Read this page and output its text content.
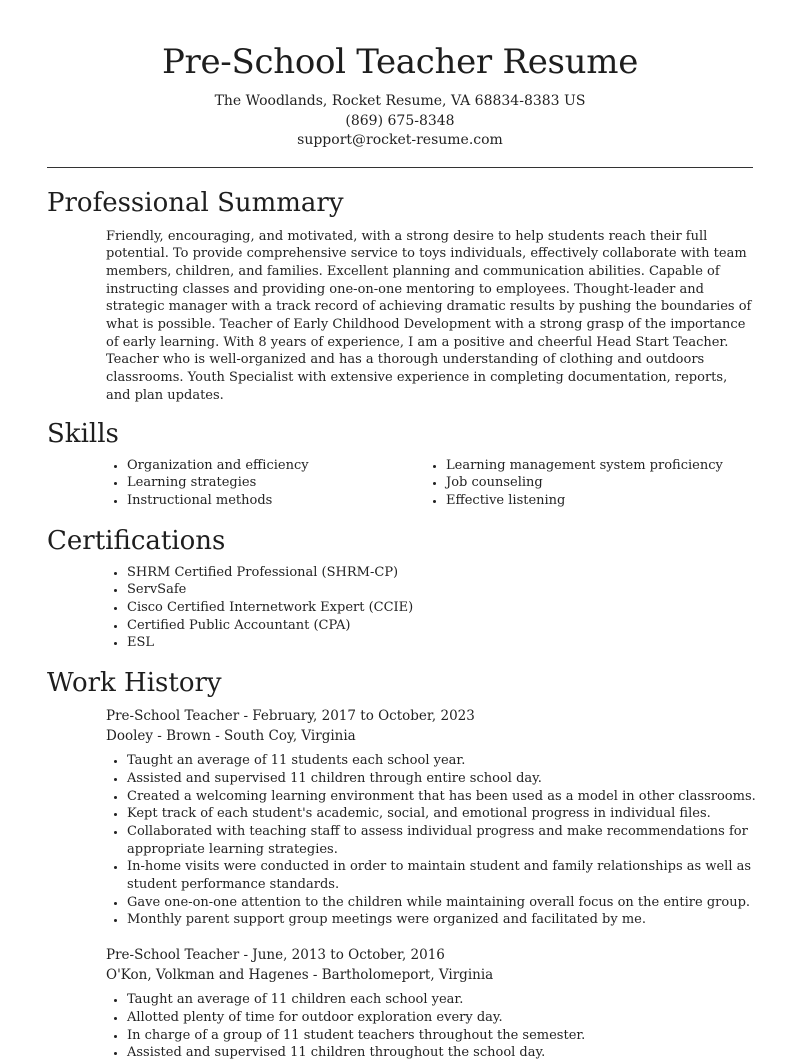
Pre-School Teacher Resume
The Woodlands, Rocket Resume, VA 68834-8383 US
(869) 675-8348
support@rocket-resume.com
Professional Summary

Friendly, encouraging, and motivated, with a strong desire to help students reach their full potential. To provide comprehensive service to toys individuals, effectively collaborate with team members, children, and families. Excellent planning and communication abilities. Capable of instructing classes and providing one-on-one mentoring to employees. Thought-leader and strategic manager with a track record of achieving dramatic results by pushing the boundaries of what is possible. Teacher of Early Childhood Development with a strong grasp of the importance of early learning. With 8 years of experience, I am a positive and cheerful Head Start Teacher. Teacher who is well-organized and has a thorough understanding of clothing and outdoors classrooms. Youth Specialist with extensive experience in completing documentation, reports, and plan updates.

Skills
• Organization and efficiency
• Learning strategies
• Instructional methods
• Learning management system proficiency
• Job counseling
• Effective listening
Certifications
• SHRM Certified Professional (SHRM-CP)
• ServSafe
• Cisco Certified Internetwork Expert (CCIE)
• Certified Public Accountant (CPA)
• ESL
Work History
Pre-School Teacher - February, 2017 to October, 2023
Dooley - Brown - South Coy, Virginia
• Taught an average of 11 students each school year.
• Assisted and supervised 11 children through entire school day.
• Created a welcoming learning environment that has been used as a model in other classrooms.
• Kept track of each student's academic, social, and emotional progress in individual files.
• Collaborated with teaching staff to assess individual progress and make recommendations for appropriate learning strategies.
• In-home visits were conducted in order to maintain student and family relationships as well as student performance standards.
• Gave one-on-one attention to the children while maintaining overall focus on the entire group.
• Monthly parent support group meetings were organized and facilitated by me.
Pre-School Teacher - June, 2013 to October, 2016
O'Kon, Volkman and Hagenes - Bartholomeport, Virginia
• Taught an average of 11 children each school year.
• Allotted plenty of time for outdoor exploration every day.
• In charge of a group of 11 student teachers throughout the semester.
• Assisted and supervised 11 children throughout the school day.
